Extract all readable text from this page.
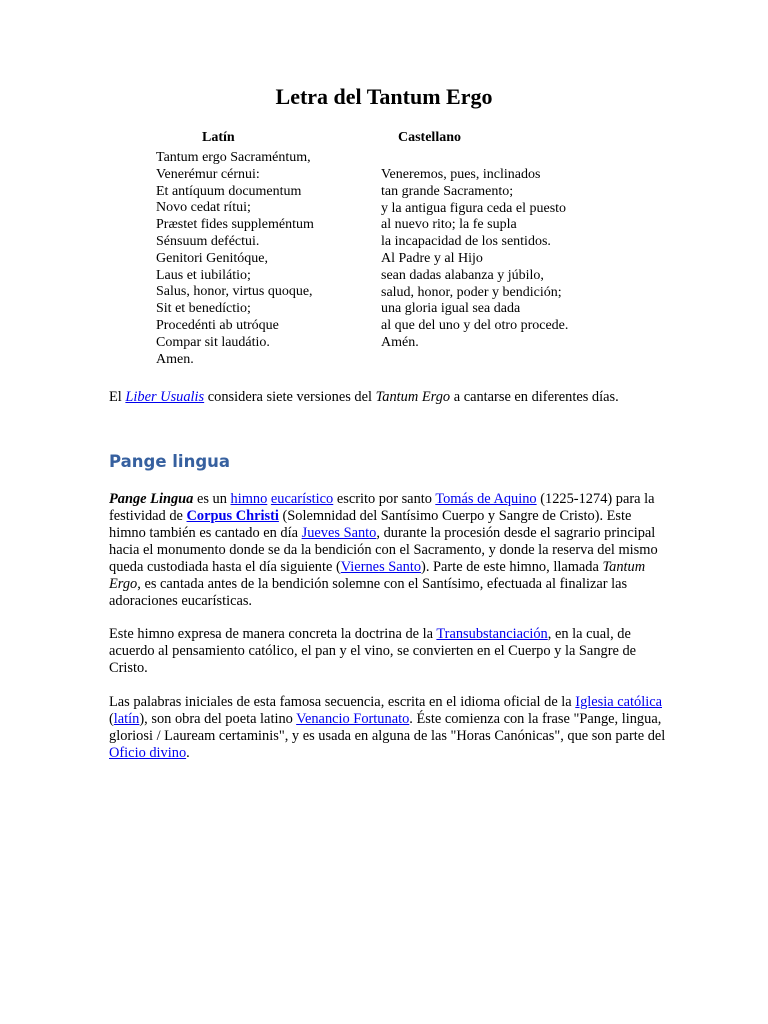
Letra del Tantum Ergo
Latín	Castellano
Tantum ergo Sacraméntum,
Venerémur cérnui:
Et antíquum documentum
Novo cedat rítui;
Præstet fides suppleméntum
Sénsuum deféctui.
Genitori Genitóque,
Laus et iubilátio;
Salus, honor, virtus quoque,
Sit et benedíctio;
Procedénti ab utróque
Compar sit laudátio.
Amen.
Veneremos, pues, inclinados
tan grande Sacramento;
y la antigua figura ceda el puesto
al nuevo rito; la fe supla
la incapacidad de los sentidos.
Al Padre y al Hijo
sean dadas alabanza y júbilo,
salud, honor, poder y bendición;
una gloria igual sea dada
al que del uno y del otro procede.
Amén.

El Liber Usualis considera siete versiones del Tantum Ergo a cantarse en diferentes días.

Pange lingua

Pange Lingua es un himno eucarístico escrito por santo Tomás de Aquino (1225-1274) para la festividad de Corpus Christi (Solemnidad del Santísimo Cuerpo y Sangre de Cristo). Este himno también es cantado en día Jueves Santo, durante la procesión desde el sagrario principal hacia el monumento donde se da la bendición con el Sacramento, y donde la reserva del mismo queda custodiada hasta el día siguiente (Viernes Santo). Parte de este himno, llamada Tantum Ergo, es cantada antes de la bendición solemne con el Santísimo, efectuada al finalizar las adoraciones eucarísticas.

Este himno expresa de manera concreta la doctrina de la Transubstanciación, en la cual, de acuerdo al pensamiento católico, el pan y el vino, se convierten en el Cuerpo y la Sangre de Cristo.

Las palabras iniciales de esta famosa secuencia, escrita en el idioma oficial de la Iglesia católica (latín), son obra del poeta latino Venancio Fortunato. Éste comienza con la frase "Pange, lingua, gloriosi / Lauream certaminis", y es usada en alguna de las "Horas Canónicas", que son parte del Oficio divino.
